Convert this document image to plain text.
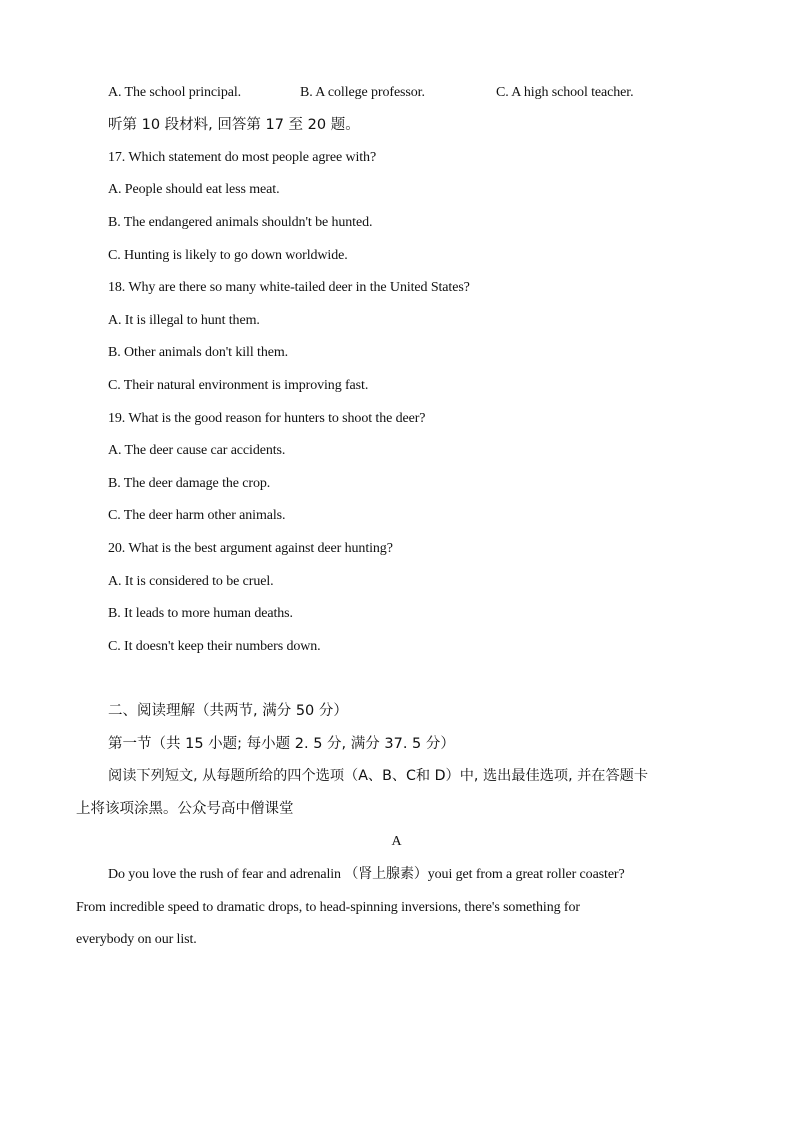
A. The school principal.	B. A college professor.	C. A high school teacher.
听第 10 段材料, 回答第 17 至 20 题。
17. Which statement do most people agree with?
A. People should eat less meat.
B. The endangered animals shouldn't be hunted.
C. Hunting is likely to go down worldwide.
18. Why are there so many white-tailed deer in the United States?
A. It is illegal to hunt them.
B. Other animals don't kill them.
C. Their natural environment is improving fast.
19. What is the good reason for hunters to shoot the deer?
A. The deer cause car accidents.
B. The deer damage the crop.
C. The deer harm other animals.
20. What is the best argument against deer hunting?
A. It is considered to be cruel.
B. It leads to more human deaths.
C. It doesn't keep their numbers down.
二、阅读理解（共两节, 满分 50 分）
第一节（共 15 小题; 每小题 2. 5 分, 满分 37. 5 分）
阅读下列短文, 从每题所给的四个选项（A、B、C和 D）中, 选出最佳选项, 并在答题卡
上将该项涂黑。公众号高中僧课堂
A
Do you love the rush of fear and adrenalin （肾上腺素）youi get from a great roller coaster?
From incredible speed to dramatic drops, to head-spinning inversions, there's something for
everybody on our list.
